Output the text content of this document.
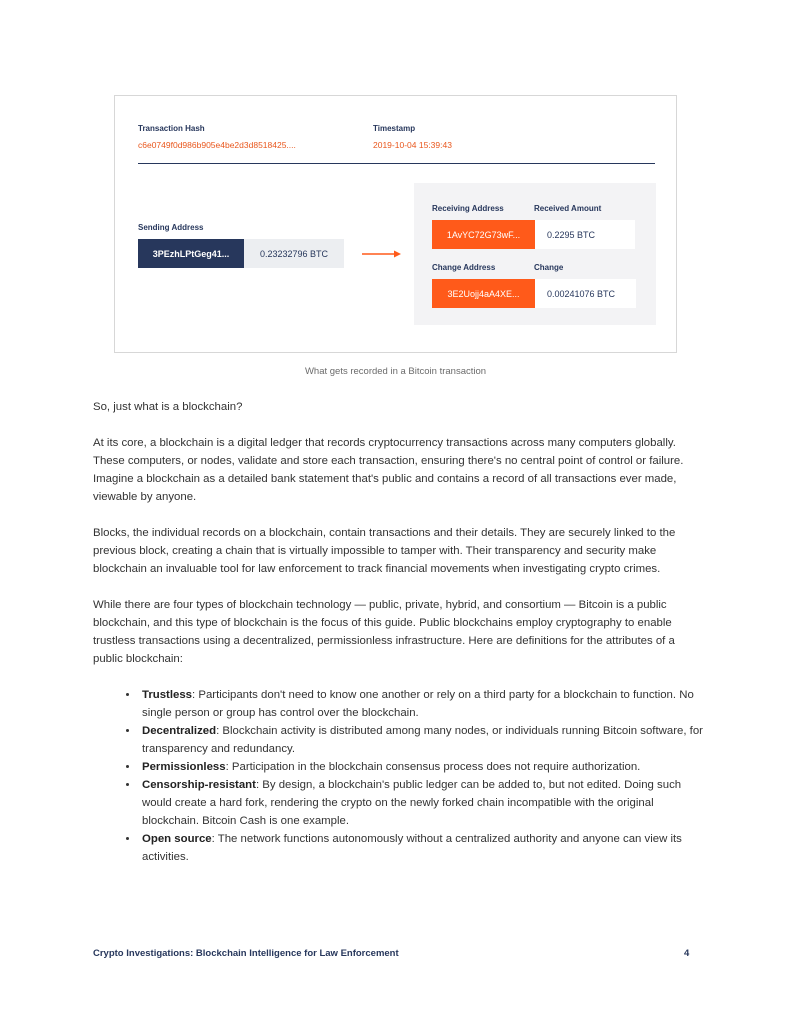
Transaction Hash
c6e0749f0d986b905e4be2d3d8518425....
Timestamp
2019-10-04 15:39:43
Sending Address
3PEzhLPtGeg41...	0.23232796 BTC
Receiving Address	Received Amount
1AvYC72G73wF...	0.2295 BTC
Change Address	Change
3E2Uojj4aA4XE...	0.00241076 BTC
What gets recorded in a Bitcoin transaction

So, just what is a blockchain?

At its core, a blockchain is a digital ledger that records cryptocurrency transactions across many computers globally. These computers, or nodes, validate and store each transaction, ensuring there's no central point of control or failure. Imagine a blockchain as a detailed bank statement that's public and contains a record of all transactions ever made, viewable by anyone.

Blocks, the individual records on a blockchain, contain transactions and their details. They are securely linked to the previous block, creating a chain that is virtually impossible to tamper with. Their transparency and security make blockchain an invaluable tool for law enforcement to track financial movements when investigating crypto crimes.

While there are four types of blockchain technology — public, private, hybrid, and consortium — Bitcoin is a public blockchain, and this type of blockchain is the focus of this guide. Public blockchains employ cryptography to enable trustless transactions using a decentralized, permissionless infrastructure. Here are definitions for the attributes of a public blockchain:

• Trustless: Participants don't need to know one another or rely on a third party for a blockchain to function. No single person or group has control over the blockchain.
• Decentralized: Blockchain activity is distributed among many nodes, or individuals running Bitcoin software, for transparency and redundancy.
• Permissionless: Participation in the blockchain consensus process does not require authorization.
• Censorship-resistant: By design, a blockchain's public ledger can be added to, but not edited. Doing such would create a hard fork, rendering the crypto on the newly forked chain incompatible with the original blockchain. Bitcoin Cash is one example.
• Open source: The network functions autonomously without a centralized authority and anyone can view its activities.
Crypto Investigations: Blockchain Intelligence for Law Enforcement	4
